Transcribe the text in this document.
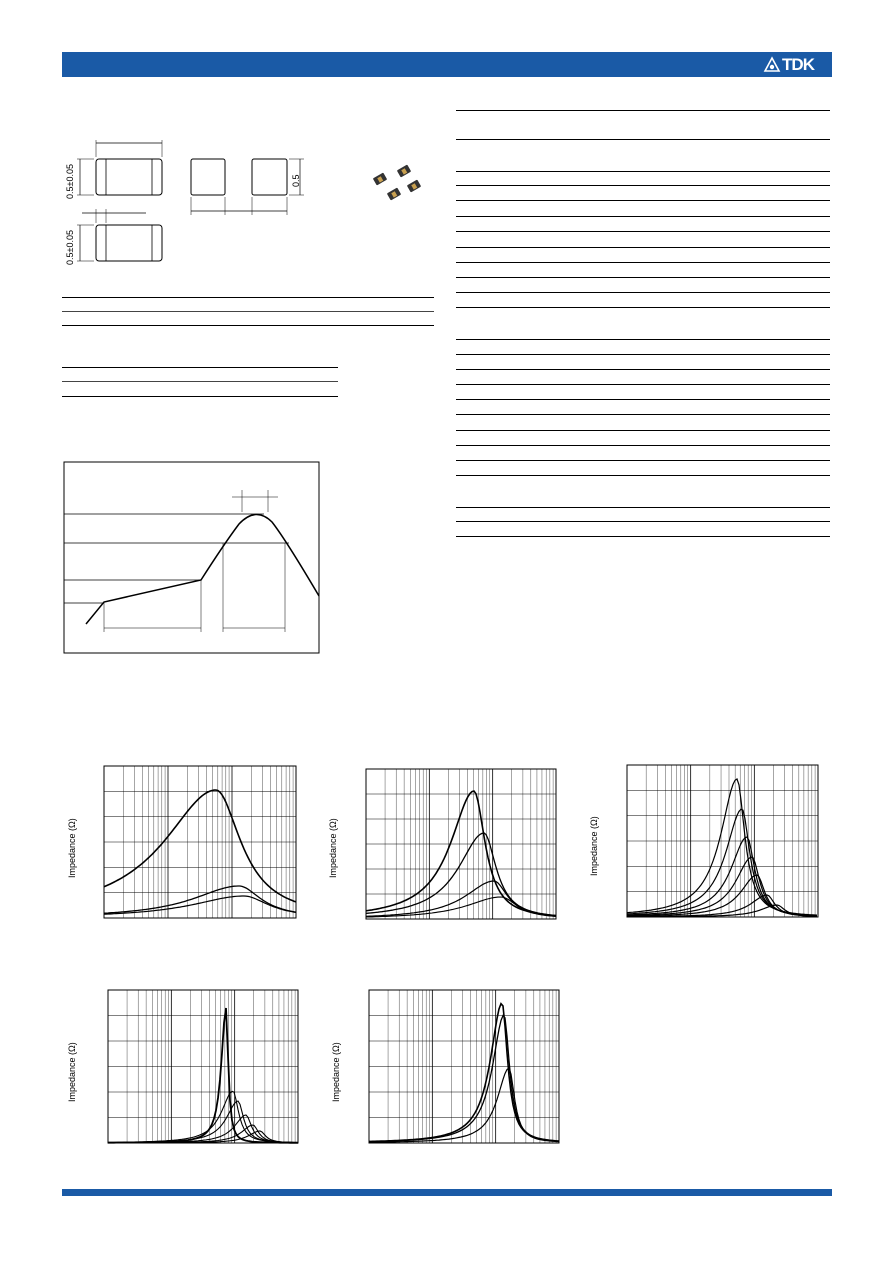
TDK
0.5±0.05
0.5±0.05
0.5
Impedance (Ω)	Impedance (Ω)	Impedance (Ω)
Impedance (Ω)	Impedance (Ω)
